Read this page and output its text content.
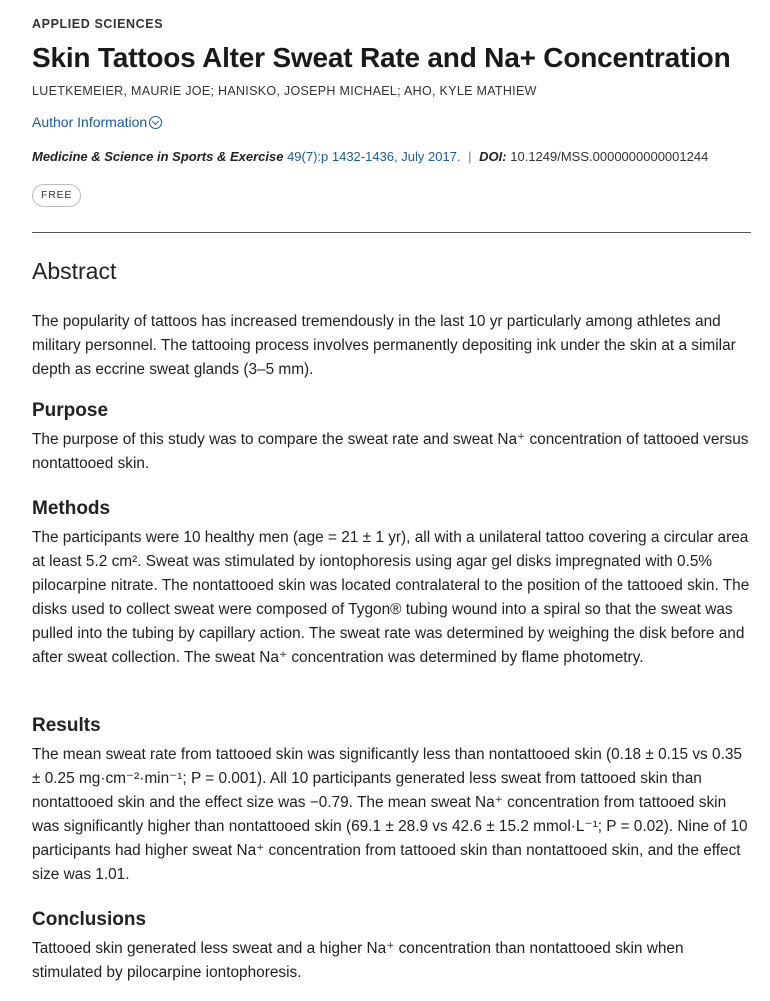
APPLIED SCIENCES
Skin Tattoos Alter Sweat Rate and Na+ Concentration
LUETKEMEIER, MAURIE JOE; HANISKO, JOSEPH MICHAEL; AHO, KYLE MATHIEW
Author Information
Medicine & Science in Sports & Exercise 49(7):p 1432-1436, July 2017. | DOI: 10.1249/MSS.0000000000001244
FREE
Abstract

The popularity of tattoos has increased tremendously in the last 10 yr particularly among athletes and military personnel. The tattooing process involves permanently depositing ink under the skin at a similar depth as eccrine sweat glands (3–5 mm).

Purpose

The purpose of this study was to compare the sweat rate and sweat Na⁺ concentration of tattooed versus nontattooed skin.

Methods

The participants were 10 healthy men (age = 21 ± 1 yr), all with a unilateral tattoo covering a circular area at least 5.2 cm². Sweat was stimulated by iontophoresis using agar gel disks impregnated with 0.5% pilocarpine nitrate. The nontattooed skin was located contralateral to the position of the tattooed skin. The disks used to collect sweat were composed of Tygon® tubing wound into a spiral so that the sweat was pulled into the tubing by capillary action. The sweat rate was determined by weighing the disk before and after sweat collection. The sweat Na⁺ concentration was determined by flame photometry.

Results

The mean sweat rate from tattooed skin was significantly less than nontattooed skin (0.18 ± 0.15 vs 0.35 ± 0.25 mg·cm⁻²·min⁻¹; P = 0.001). All 10 participants generated less sweat from tattooed skin than nontattooed skin and the effect size was −0.79. The mean sweat Na⁺ concentration from tattooed skin was significantly higher than nontattooed skin (69.1 ± 28.9 vs 42.6 ± 15.2 mmol·L⁻¹; P = 0.02). Nine of 10 participants had higher sweat Na⁺ concentration from tattooed skin than nontattooed skin, and the effect size was 1.01.

Conclusions

Tattooed skin generated less sweat and a higher Na⁺ concentration than nontattooed skin when stimulated by pilocarpine iontophoresis.
